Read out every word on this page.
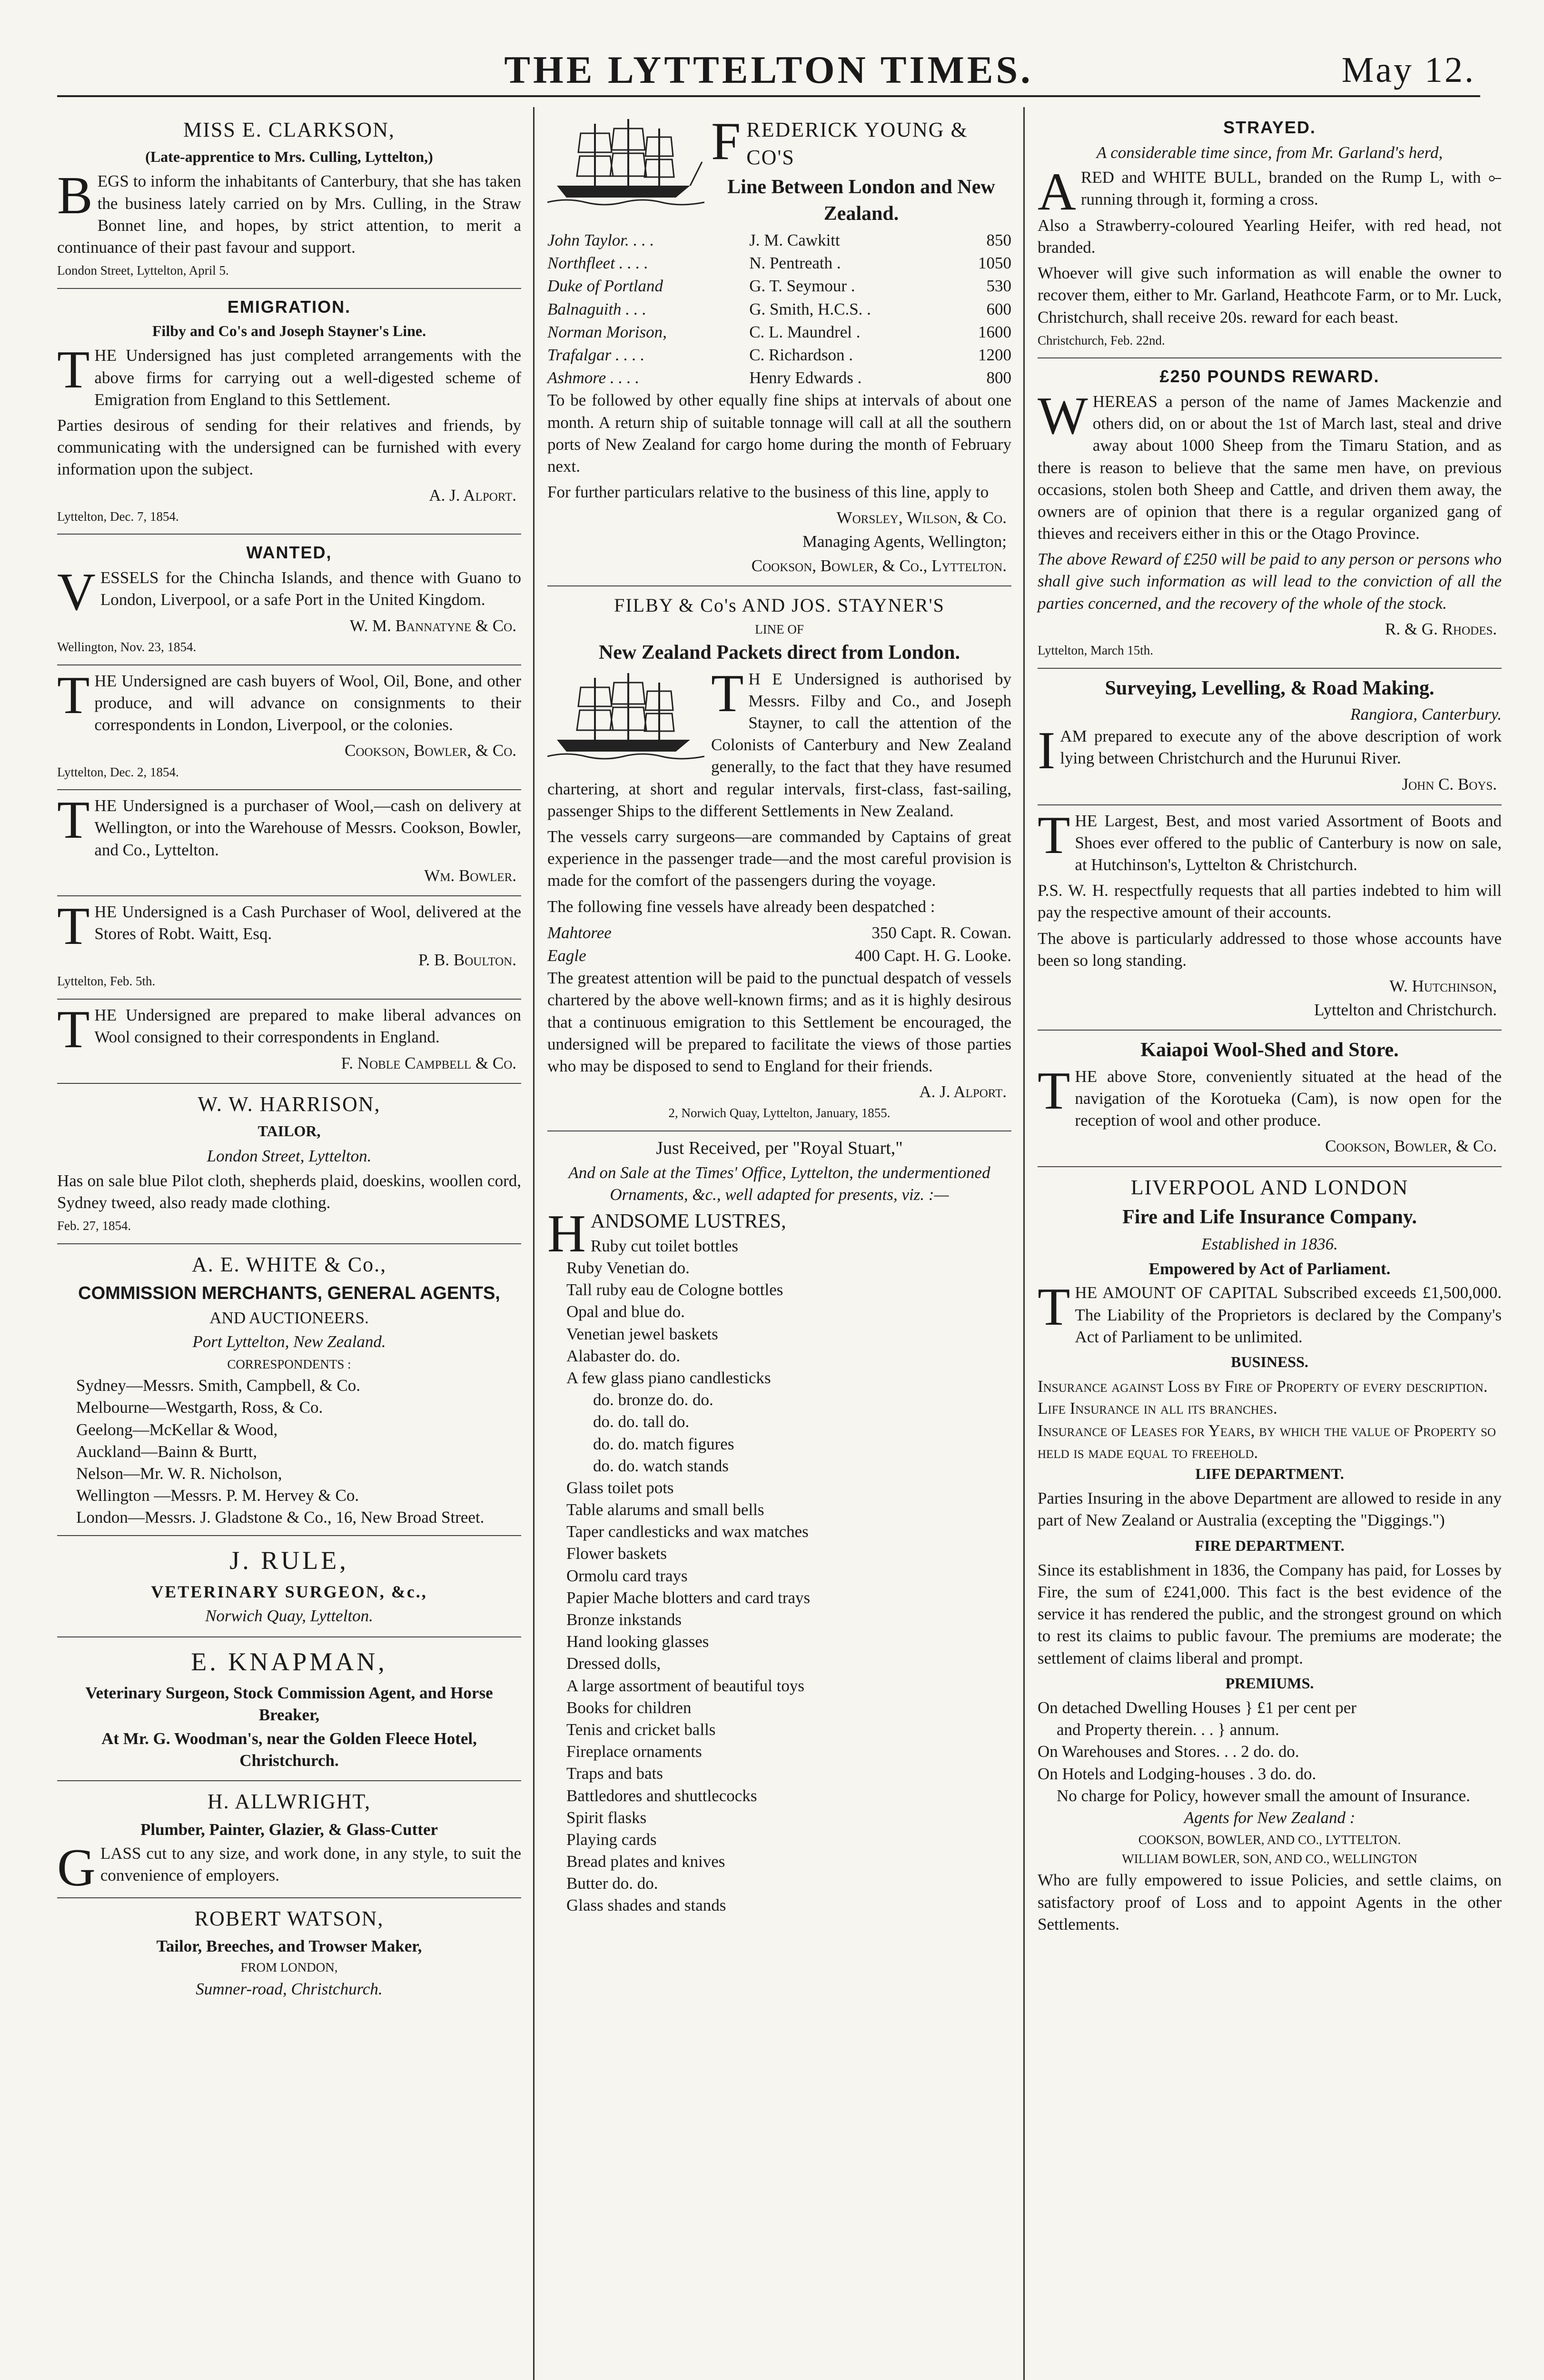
THE LYTTELTON TIMES.	May 12.
MISS E. CLARKSON,
(Late-apprentice to Mrs. Culling, Lyttelton,)

BEGS to inform the inhabitants of Canterbury, that she has taken the business lately carried on by Mrs. Culling, in the Straw Bonnet line, and hopes, by strict attention, to merit a continuance of their past favour and support.

London Street, Lyttelton, April 5.
EMIGRATION.
Filby and Co's and Joseph Stayner's Line.

THE Undersigned has just completed arrangements with the above firms for carrying out a well-digested scheme of Emigration from England to this Settlement.

Parties desirous of sending for their relatives and friends, by communicating with the undersigned can be furnished with every information upon the subject.

A. J. Alport.
Lyttelton, Dec. 7, 1854.
WANTED,

VESSELS for the Chincha Islands, and thence with Guano to London, Liverpool, or a safe Port in the United Kingdom.

W. M. Bannatyne & Co.
Wellington, Nov. 23, 1854.

THE Undersigned are cash buyers of Wool, Oil, Bone, and other produce, and will advance on consignments to their correspondents in London, Liverpool, or the colonies.

Cookson, Bowler, & Co.
Lyttelton, Dec. 2, 1854.

THE Undersigned is a purchaser of Wool,—cash on delivery at Wellington, or into the Warehouse of Messrs. Cookson, Bowler, and Co., Lyttelton.

Wm. Bowler.

THE Undersigned is a Cash Purchaser of Wool, delivered at the Stores of Robt. Waitt, Esq.

P. B. Boulton.
Lyttelton, Feb. 5th.

THE Undersigned are prepared to make liberal advances on Wool consigned to their correspondents in England.

F. Noble Campbell & Co.
W. W. HARRISON,
TAILOR,
London Street, Lyttelton.

Has on sale blue Pilot cloth, shepherds plaid, doeskins, woollen cord, Sydney tweed, also ready made clothing.

Feb. 27, 1854.
A. E. WHITE & Co.,
COMMISSION MERCHANTS, GENERAL AGENTS,
AND AUCTIONEERS.
Port Lyttelton, New Zealand.
CORRESPONDENTS :
Sydney—Messrs. Smith, Campbell, & Co.
Melbourne—Westgarth, Ross, & Co.
Geelong—McKellar & Wood,
Auckland—Bainn & Burtt,
Nelson—Mr. W. R. Nicholson,
Wellington —Messrs. P. M. Hervey & Co.
London—Messrs. J. Gladstone & Co., 16, New Broad Street.
J. RULE,
VETERINARY SURGEON, &c.,
Norwich Quay, Lyttelton.
E. KNAPMAN,
Veterinary Surgeon, Stock Commission Agent, and Horse Breaker,
At Mr. G. Woodman's, near the Golden Fleece Hotel, Christchurch.
H. ALLWRIGHT,
Plumber, Painter, Glazier, & Glass-Cutter

GLASS cut to any size, and work done, in any style, to suit the convenience of employers.

ROBERT WATSON,
Tailor, Breeches, and Trowser Maker,
FROM LONDON,
Sumner-road, Christchurch.
FREDERICK YOUNG & CO'S
Line Between London and New Zealand.
John Taylor. . . .	J. M. Cawkitt	850
Northfleet . . . .	N. Pentreath .	1050
Duke of Portland	G. T. Seymour .	530
Balnaguith . . .	G. Smith, H.C.S. .	600
Norman Morison,	C. L. Maundrel .	1600
Trafalgar . . . .	C. Richardson .	1200
Ashmore . . . .	Henry Edwards .	800

To be followed by other equally fine ships at intervals of about one month. A return ship of suitable tonnage will call at all the southern ports of New Zealand for cargo home during the month of February next.

For further particulars relative to the business of this line, apply to

Worsley, Wilson, & Co.
Managing Agents, Wellington;
Cookson, Bowler, & Co., Lyttelton.
FILBY & Co's AND JOS. STAYNER'S
LINE OF
New Zealand Packets direct from London.

T H E Undersigned is authorised by Messrs. Filby and Co., and Joseph Stayner, to call the attention of the Colonists of Canterbury and New Zealand generally, to the fact that they have resumed chartering, at short and regular intervals, first-class, fast-sailing, passenger Ships to the different Settlements in New Zealand.

The vessels carry surgeons—are commanded by Captains of great experience in the passenger trade—and the most careful provision is made for the comfort of the passengers during the voyage.

The following fine vessels have already been despatched :

Mahtoree	350 Capt. R. Cowan.
Eagle	400 Capt. H. G. Looke.

The greatest attention will be paid to the punctual despatch of vessels chartered by the above well-known firms; and as it is highly desirous that a continuous emigration to this Settlement be encouraged, the undersigned will be prepared to facilitate the views of those parties who may be disposed to send to England for their friends.

A. J. Alport.
2, Norwich Quay, Lyttelton, January, 1855.
Just Received, per "Royal Stuart,"
And on Sale at the Times' Office, Lyttelton, the undermentioned Ornaments, &c., well adapted for presents, viz. :—
HANDSOME LUSTRES,
Ruby cut toilet bottles
Ruby Venetian do.
Tall ruby eau de Cologne bottles
Opal and blue do.
Venetian jewel baskets
Alabaster do. do.
A few glass piano candlesticks
do. bronze do. do.
do. do. tall do.
do. do. match figures
do. do. watch stands
Glass toilet pots
Table alarums and small bells
Taper candlesticks and wax matches
Flower baskets
Ormolu card trays
Papier Mache blotters and card trays
Bronze inkstands
Hand looking glasses
Dressed dolls,
A large assortment of beautiful toys
Books for children
Tenis and cricket balls
Fireplace ornaments
Traps and bats
Battledores and shuttlecocks
Spirit flasks
Playing cards
Bread plates and knives
Butter do. do.
Glass shades and stands
STRAYED.
A considerable time since, from Mr. Garland's herd,

ARED and WHITE BULL, branded on the Rump L, with ⟜ running through it, forming a cross.

Also a Strawberry-coloured Yearling Heifer, with red head, not branded.

Whoever will give such information as will enable the owner to recover them, either to Mr. Garland, Heathcote Farm, or to Mr. Luck, Christchurch, shall receive 20s. reward for each beast.

Christchurch, Feb. 22nd.
£250 POUNDS REWARD.

WHEREAS a person of the name of James Mackenzie and others did, on or about the 1st of March last, steal and drive away about 1000 Sheep from the Timaru Station, and as there is reason to believe that the same men have, on previous occasions, stolen both Sheep and Cattle, and driven them away, the owners are of opinion that there is a regular organized gang of thieves and receivers either in this or the Otago Province.

The above Reward of £250 will be paid to any person or persons who shall give such information as will lead to the conviction of all the parties concerned, and the recovery of the whole of the stock.

R. & G. Rhodes.
Lyttelton, March 15th.
Surveying, Levelling, & Road Making.
Rangiora, Canterbury.

IAM prepared to execute any of the above description of work lying between Christchurch and the Hurunui River.

John C. Boys.

THE Largest, Best, and most varied Assortment of Boots and Shoes ever offered to the public of Canterbury is now on sale, at Hutchinson's, Lyttelton & Christchurch.

P.S. W. H. respectfully requests that all parties indebted to him will pay the respective amount of their accounts.

The above is particularly addressed to those whose accounts have been so long standing.

W. Hutchinson,
Lyttelton and Christchurch.
Kaiapoi Wool-Shed and Store.

THE above Store, conveniently situated at the head of the navigation of the Korotueka (Cam), is now open for the reception of wool and other produce.

Cookson, Bowler, & Co.
LIVERPOOL AND LONDON
Fire and Life Insurance Company.
Established in 1836.
Empowered by Act of Parliament.

THE AMOUNT OF CAPITAL Subscribed exceeds £1,500,000. The Liability of the Proprietors is declared by the Company's Act of Parliament to be unlimited.

BUSINESS.
Insurance against Loss by Fire of Property of every description.
Life Insurance in all its branches.
Insurance of Leases for Years, by which the value of Property so held is made equal to freehold.
LIFE DEPARTMENT.

Parties Insuring in the above Department are allowed to reside in any part of New Zealand or Australia (excepting the "Diggings.")

FIRE DEPARTMENT.

Since its establishment in 1836, the Company has paid, for Losses by Fire, the sum of £241,000. This fact is the best evidence of the service it has rendered the public, and the strongest ground on which to rest its claims to public favour. The premiums are moderate; the settlement of claims liberal and prompt.

PREMIUMS.
On detached Dwelling Houses } £1 per cent per
and Property therein. . . } annum.
On Warehouses and Stores. . . 2 do. do.
On Hotels and Lodging-houses . 3 do. do.
No charge for Policy, however small the amount of Insurance.
Agents for New Zealand :
COOKSON, BOWLER, AND CO., LYTTELTON.
WILLIAM BOWLER, SON, AND CO., WELLINGTON

Who are fully empowered to issue Policies, and settle claims, on satisfactory proof of Loss and to appoint Agents in the other Settlements.
